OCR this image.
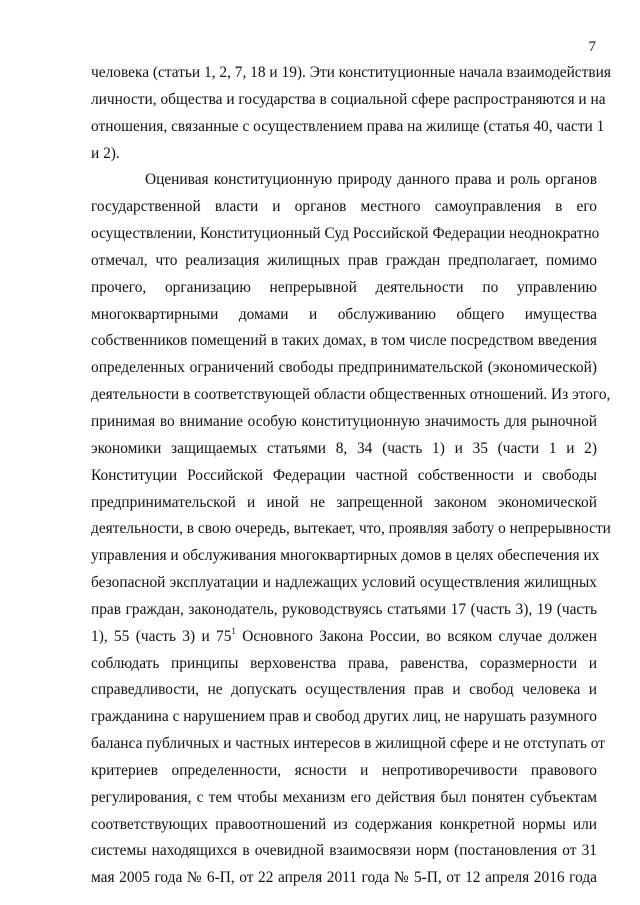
7
человека (статьи 1, 2, 7, 18 и 19). Эти конституционные начала взаимодействия
личности, общества и государства в социальной сфере распространяются и на
отношения, связанные с осуществлением права на жилище (статья 40, части 1
и 2).
Оценивая конституционную природу данного права и роль органов
государственной власти и органов местного самоуправления в его
осуществлении, Конституционный Суд Российской Федерации неоднократно
отмечал, что реализация жилищных прав граждан предполагает, помимо
прочего, организацию непрерывной деятельности по управлению
многоквартирными домами и обслуживанию общего имущества
собственников помещений в таких домах, в том числе посредством введения
определенных ограничений свободы предпринимательской (экономической)
деятельности в соответствующей области общественных отношений. Из этого,
принимая во внимание особую конституционную значимость для рыночной
экономики защищаемых статьями 8, 34 (часть 1) и 35 (части 1 и 2)
Конституции Российской Федерации частной собственности и свободы
предпринимательской и иной не запрещенной законом экономической
деятельности, в свою очередь, вытекает, что, проявляя заботу о непрерывности
управления и обслуживания многоквартирных домов в целях обеспечения их
безопасной эксплуатации и надлежащих условий осуществления жилищных
прав граждан, законодатель, руководствуясь статьями 17 (часть 3), 19 (часть
1), 55 (часть 3) и $75^1$ Основного Закона России, во всяком случае должен
соблюдать принципы верховенства права, равенства, соразмерности и
справедливости, не допускать осуществления прав и свобод человека и
гражданина с нарушением прав и свобод других лиц, не нарушать разумного
баланса публичных и частных интересов в жилищной сфере и не отступать от
критериев определенности, ясности и непротиворечивости правового
регулирования, с тем чтобы механизм его действия был понятен субъектам
соответствующих правоотношений из содержания конкретной нормы или
системы находящихся в очевидной взаимосвязи норм (постановления от 31
мая 2005 года № 6-П, от 22 апреля 2011 года № 5-П, от 12 апреля 2016 года
